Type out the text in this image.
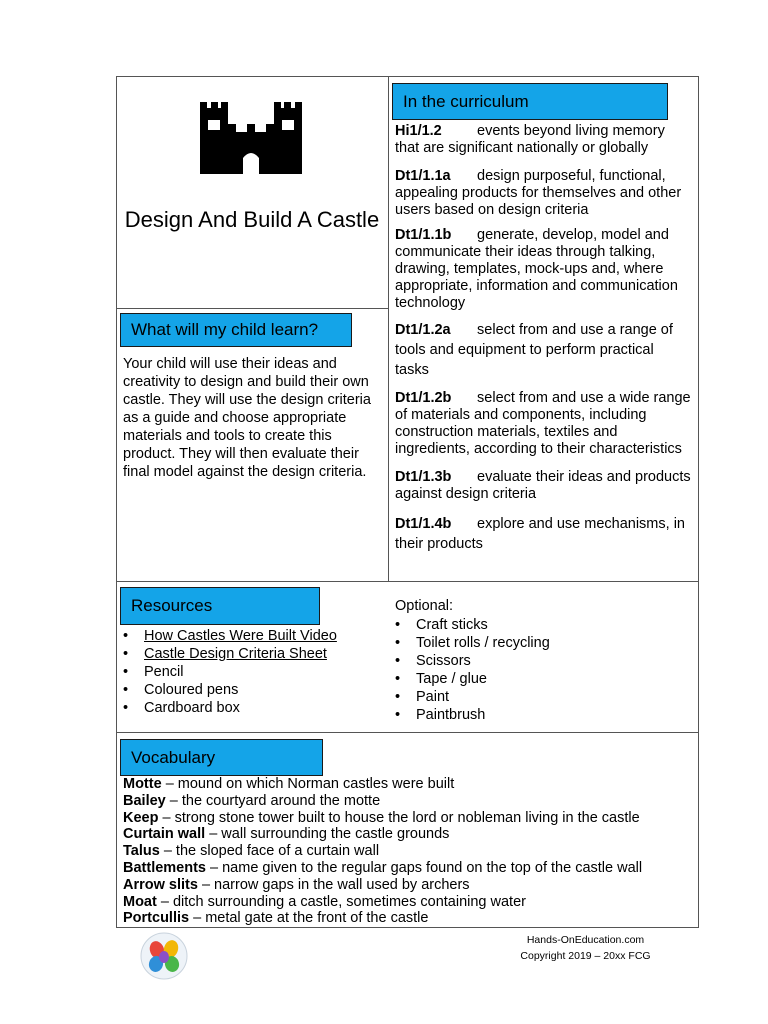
Design And Build A Castle
What will my child learn?
Your child will use their ideas and creativity to design and build their own castle. They will use the design criteria as a guide and choose appropriate materials and tools to create this product. They will then evaluate their final model against the design criteria.
In the curriculum
Hi1/1.2 events beyond living memory that are significant nationally or globally
Dt1/1.1a design purposeful, functional, appealing products for themselves and other users based on design criteria
Dt1/1.1b generate, develop, model and communicate their ideas through talking, drawing, templates, mock-ups and, where appropriate, information and communication technology
Dt1/1.2a select from and use a range of tools and equipment to perform practical tasks
Dt1/1.2b select from and use a wide range of materials and components, including construction materials, textiles and ingredients, according to their characteristics
Dt1/1.3b evaluate their ideas and products against design criteria
Dt1/1.4b explore and use mechanisms, in their products
Resources
• How Castles Were Built Video
• Castle Design Criteria Sheet
• Pencil
• Coloured pens
• Cardboard box
Optional:
• Craft sticks
• Toilet rolls / recycling
• Scissors
• Tape / glue
• Paint
• Paintbrush
Vocabulary
Motte – mound on which Norman castles were built
Bailey – the courtyard around the motte
Keep – strong stone tower built to house the lord or nobleman living in the castle
Curtain wall – wall surrounding the castle grounds
Talus – the sloped face of a curtain wall
Battlements – name given to the regular gaps found on the top of the castle wall
Arrow slits – narrow gaps in the wall used by archers
Moat – ditch surrounding a castle, sometimes containing water
Portcullis – metal gate at the front of the castle
Hands-OnEducation.com
Copyright 2019 – 20xx FCG
